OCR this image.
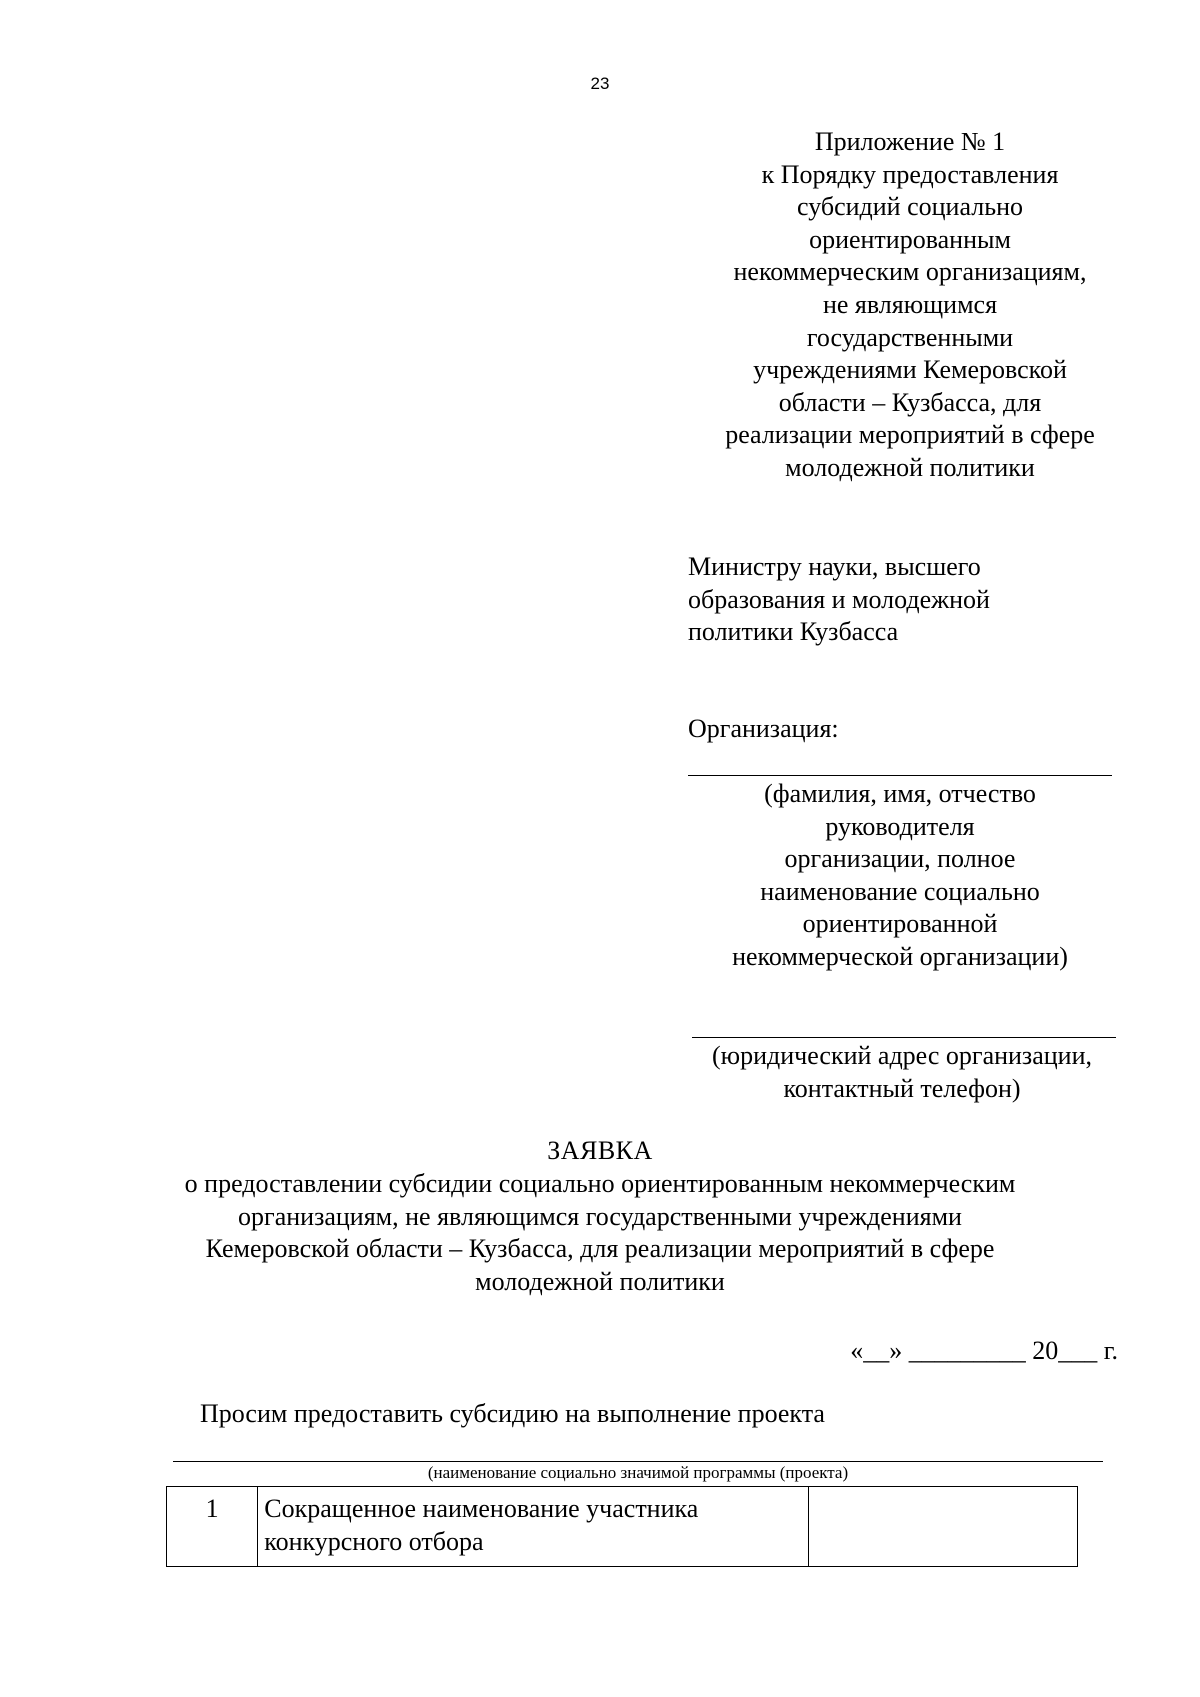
23
Приложение № 1
к Порядку предоставления
субсидий социально
ориентированным
некоммерческим организациям,
не являющимся
государственными
учреждениями Кемеровской
области – Кузбасса, для
реализации мероприятий в сфере
молодежной политики
Министру науки, высшего
образования и молодежной
политики Кузбасса
Организация:
(фамилия, имя, отчество
руководителя
организации, полное
наименование социально
ориентированной
некоммерческой организации)
(юридический адрес организации,
контактный телефон)
ЗАЯВКА
о предоставлении субсидии социально ориентированным некоммерческим
организациям, не являющимся государственными учреждениями
Кемеровской области – Кузбасса, для реализации мероприятий в сфере
молодежной политики
«__» _________ 20___ г.
Просим предоставить субсидию на выполнение проекта
(наименование социально значимой программы (проекта)
1	Сокращенное наименование участника
конкурсного отбора
